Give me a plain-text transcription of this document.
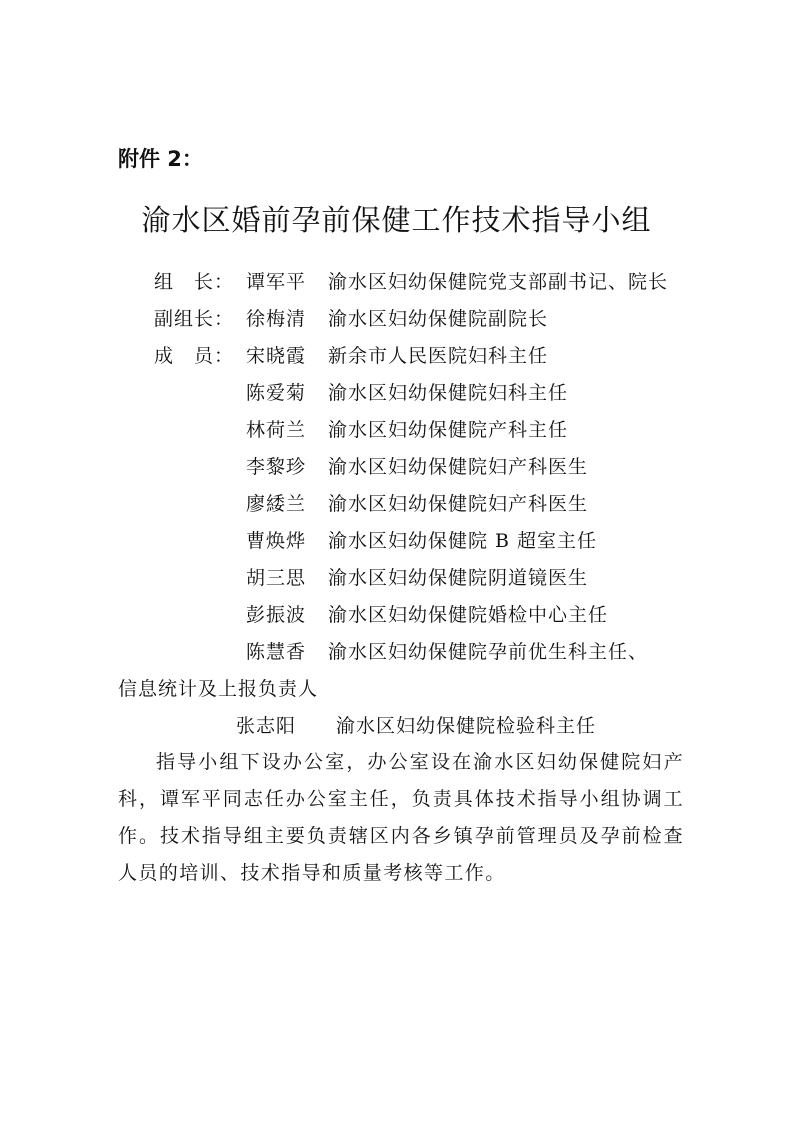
附件 2：
渝水区婚前孕前保健工作技术指导小组
组　长： 谭军平 渝水区妇幼保健院党支部副书记、院长
副组长： 徐梅清 渝水区妇幼保健院副院长
成　员： 宋晓霞 新余市人民医院妇科主任
陈爱菊 渝水区妇幼保健院妇科主任
林荷兰 渝水区妇幼保健院产科主任
李黎珍 渝水区妇幼保健院妇产科医生
廖緌兰 渝水区妇幼保健院妇产科医生
曹焕烨 渝水区妇幼保健院 B 超室主任
胡三思 渝水区妇幼保健院阴道镜医生
彭振波 渝水区妇幼保健院婚检中心主任
陈慧香 渝水区妇幼保健院孕前优生科主任、
信息统计及上报负责人
张志阳 渝水区妇幼保健院检验科主任
指导小组下设办公室，办公室设在渝水区妇幼保健院妇产科，谭军平同志任办公室主任，负责具体技术指导小组协调工作。技术指导组主要负责辖区内各乡镇孕前管理员及孕前检查人员的培训、技术指导和质量考核等工作。
